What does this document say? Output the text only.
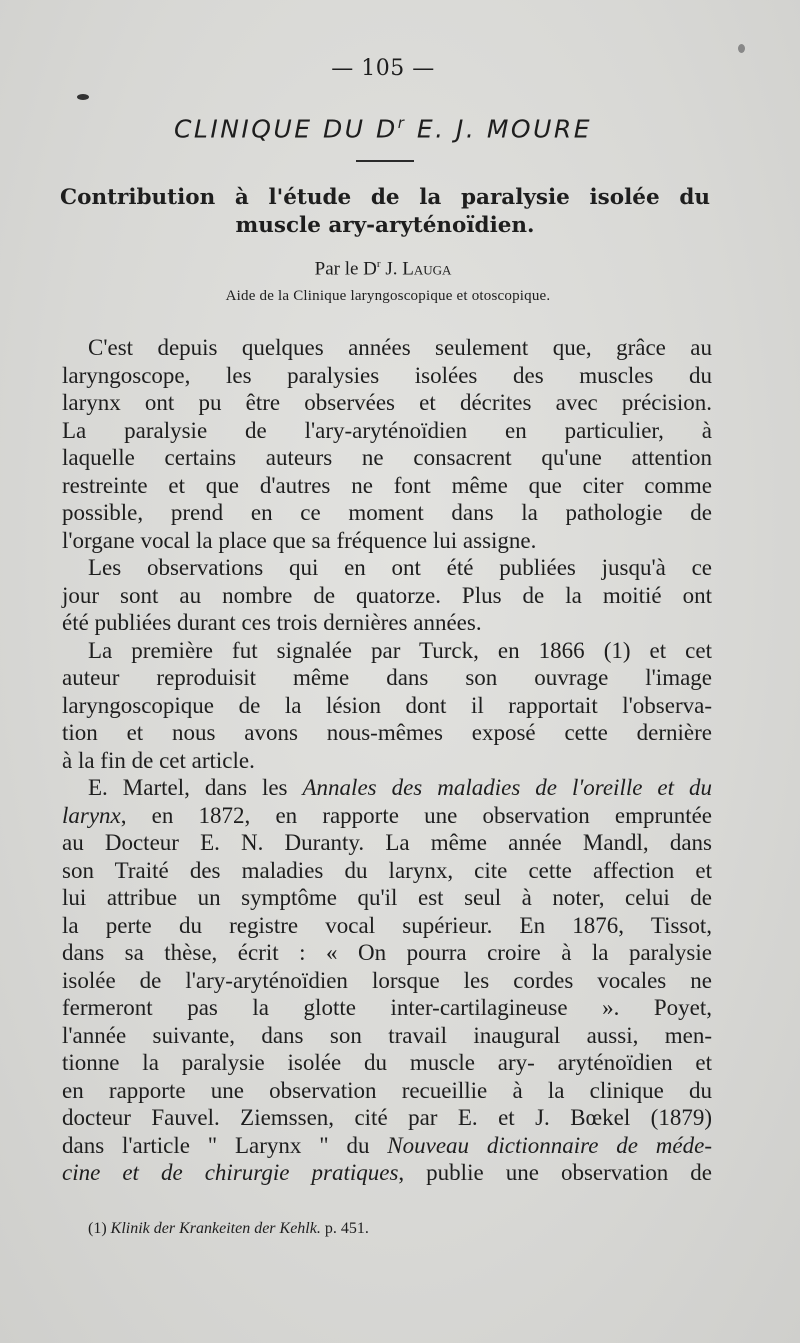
— 105 —
CLINIQUE DU $D^r$ E. J. MOURE
Contribution à l'étude de la paralysie isolée du
muscle ary-aryténoïdien.
Par le $D^r$ J. Lauga
Aide de la Clinique laryngoscopique et otoscopique.
C'est depuis quelques années seulement que, grâce au
laryngoscope, les paralysies isolées des muscles du
larynx ont pu être observées et décrites avec précision.
La paralysie de l'ary-aryténoïdien en particulier, à
laquelle certains auteurs ne consacrent qu'une attention
restreinte et que d'autres ne font même que citer comme
possible, prend en ce moment dans la pathologie de
l'organe vocal la place que sa fréquence lui assigne.
Les observations qui en ont été publiées jusqu'à ce
jour sont au nombre de quatorze. Plus de la moitié ont
été publiées durant ces trois dernières années.
La première fut signalée par Turck, en 1866 (1) et cet
auteur reproduisit même dans son ouvrage l'image
laryngoscopique de la lésion dont il rapportait l'observa-
tion et nous avons nous-mêmes exposé cette dernière
à la fin de cet article.
E. Martel, dans les Annales des maladies de l'oreille et du
larynx, en 1872, en rapporte une observation empruntée
au Docteur E. N. Duranty. La même année Mandl, dans
son Traité des maladies du larynx, cite cette affection et
lui attribue un symptôme qu'il est seul à noter, celui de
la perte du registre vocal supérieur. En 1876, Tissot,
dans sa thèse, écrit : « On pourra croire à la paralysie
isolée de l'ary-aryténoïdien lorsque les cordes vocales ne
fermeront pas la glotte inter-cartilagineuse ». Poyet,
l'année suivante, dans son travail inaugural aussi, men-
tionne la paralysie isolée du muscle ary- aryténoïdien et
en rapporte une observation recueillie à la clinique du
docteur Fauvel. Ziemssen, cité par E. et J. Bœkel (1879)
dans l'article " Larynx " du Nouveau dictionnaire de méde-
cine et de chirurgie pratiques, publie une observation de
(1) Klinik der Krankeiten der Kehlk. p. 451.
